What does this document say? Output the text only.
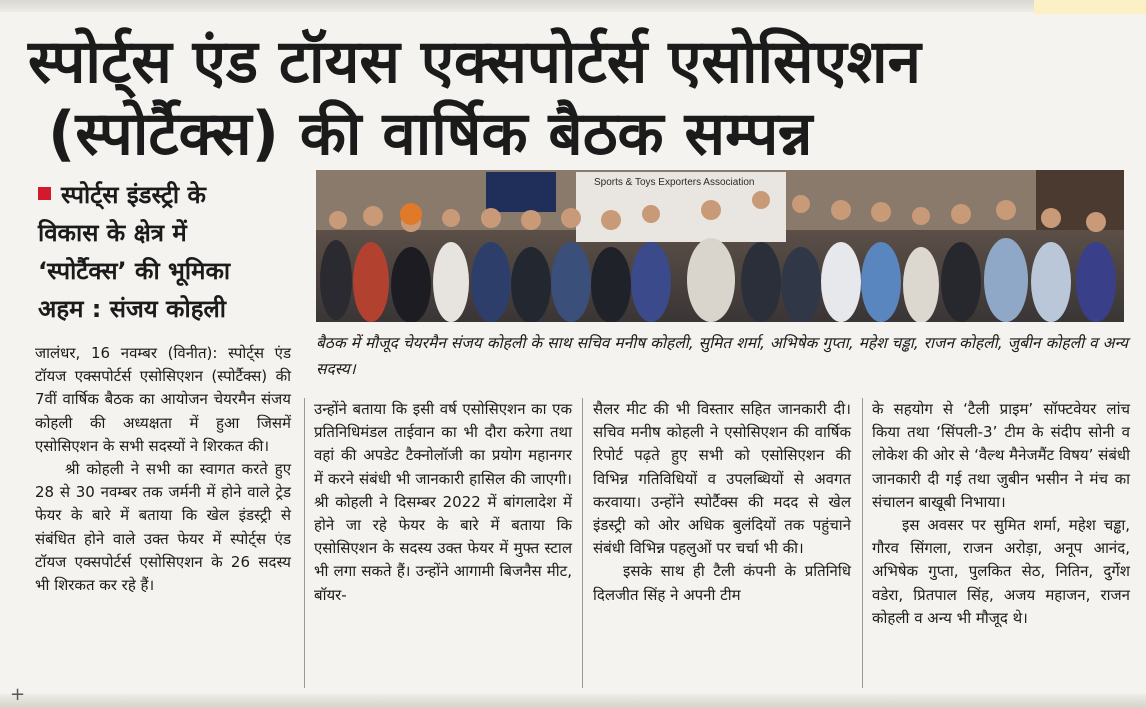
स्पोर्ट्स एंड टॉयस एक्सपोर्टर्स एसोसिएशन
(स्पोर्टैक्स) की वार्षिक बैठक सम्पन्न
स्पोर्ट्स इंडस्ट्री के
विकास के क्षेत्र में
‘स्पोर्टैक्स’ की भूमिका
अहम : संजय कोहली
Sports & Toys Exporters Association
बैठक में मौजूद चेयरमैन संजय कोहली के साथ सचिव मनीष कोहली, सुमित शर्मा, अभिषेक गुप्ता, महेश चड्ढा, राजन कोहली, जुबीन कोहली व अन्य सदस्य।

जालंधर, 16 नवम्बर (विनीत): स्पोर्ट्स एंड टॉयज एक्सपोर्टर्स एसोसिएशन (स्पोर्टैक्स) की 7वीं वार्षिक बैठक का आयोजन चेयरमैन संजय कोहली की अध्यक्षता में हुआ जिसमें एसोसिएशन के सभी सदस्यों ने शिरकत की।

श्री कोहली ने सभी का स्वागत करते हुए 28 से 30 नवम्बर तक जर्मनी में होने वाले ट्रेड फेयर के बारे में बताया कि खेल इंडस्ट्री से संबंधित होने वाले उक्त फेयर में स्पोर्ट्स एंड टॉयज एक्सपोर्टर्स एसोसिएशन के 26 सदस्य भी शिरकत कर रहे हैं।

उन्होंने बताया कि इसी वर्ष एसोसिएशन का एक प्रतिनिधिमंडल ताईवान का भी दौरा करेगा तथा वहां की अपडेट टैक्नोलॉजी का प्रयोग महानगर में करने संबंधी भी जानकारी हासिल की जाएगी। श्री कोहली ने दिसम्बर 2022 में बांगलादेश में होने जा रहे फेयर के बारे में बताया कि एसोसिएशन के सदस्य उक्त फेयर में मुफ्त स्टाल भी लगा सकते हैं। उन्होंने आगामी बिजनैस मीट, बॉयर-

सैलर मीट की भी विस्तार सहित जानकारी दी। सचिव मनीष कोहली ने एसोसिएशन की वार्षिक रिपोर्ट पढ़ते हुए सभी को एसोसिएशन की विभिन्न गतिविधियों व उपलब्धियों से अवगत करवाया। उन्होंने स्पोर्टैक्स की मदद से खेल इंडस्ट्री को ओर अधिक बुलंदियों तक पहुंचाने संबंधी विभिन्न पहलुओं पर चर्चा भी की।

इसके साथ ही टैली कंपनी के प्रतिनिधि दिलजीत सिंह ने अपनी टीम

के सहयोग से ‘टैली प्राइम’ सॉफ्टवेयर लांच किया तथा ‘सिंपली-3’ टीम के संदीप सोनी व लोकेश की ओर से ‘वैल्थ मैनेजमैंट विषय’ संबंधी जानकारी दी गई तथा जुबीन भसीन ने मंच का संचालन बाखूबी निभाया।

इस अवसर पर सुमित शर्मा, महेश चड्ढा, गौरव सिंगला, राजन अरोड़ा, अनूप आनंद, अभिषेक गुप्ता, पुलकित सेठ, नितिन, दुर्गेश वडेरा, प्रितपाल सिंह, अजय महाजन, राजन कोहली व अन्य भी मौजूद थे।

+
